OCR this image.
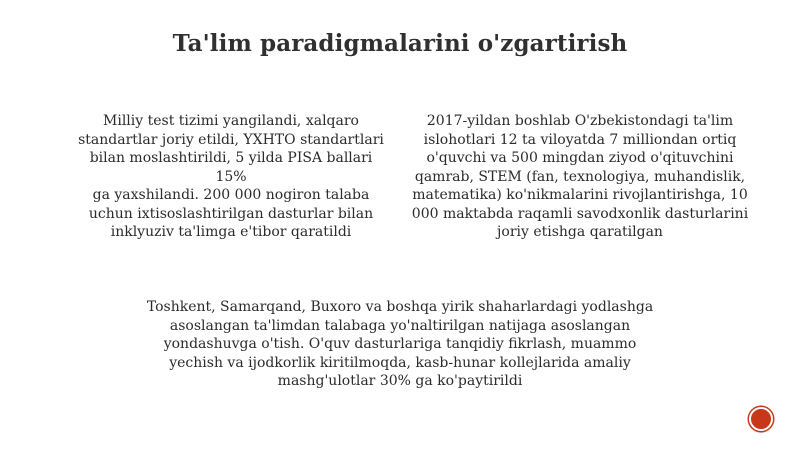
Ta'lim paradigmalarini o'zgartirish

Milliy test tizimi yangilandi, xalqaro
standartlar joriy etildi, YXHTO standartlari
bilan moslashtirildi, 5 yilda PISA ballari 15%
ga yaxshilandi. 200 000 nogiron talaba
uchun ixtisoslashtirilgan dasturlar bilan
inklyuziv ta'limga e'tibor qaratildi

2017-yildan boshlab O'zbekistondagi ta'lim
islohotlari 12 ta viloyatda 7 milliondan ortiq
o'quvchi va 500 mingdan ziyod o'qituvchini
qamrab, STEM (fan, texnologiya, muhandislik,
matematika) ko'nikmalarini rivojlantirishga, 10
000 maktabda raqamli savodxonlik dasturlarini
joriy etishga qaratilgan

Toshkent, Samarqand, Buxoro va boshqa yirik shaharlardagi yodlashga
asoslangan ta'limdan talabaga yo'naltirilgan natijaga asoslangan
yondashuvga o'tish. O'quv dasturlariga tanqidiy fikrlash, muammo
yechish va ijodkorlik kiritilmoqda, kasb-hunar kollejlarida amaliy
mashg'ulotlar 30% ga ko'paytirildi
